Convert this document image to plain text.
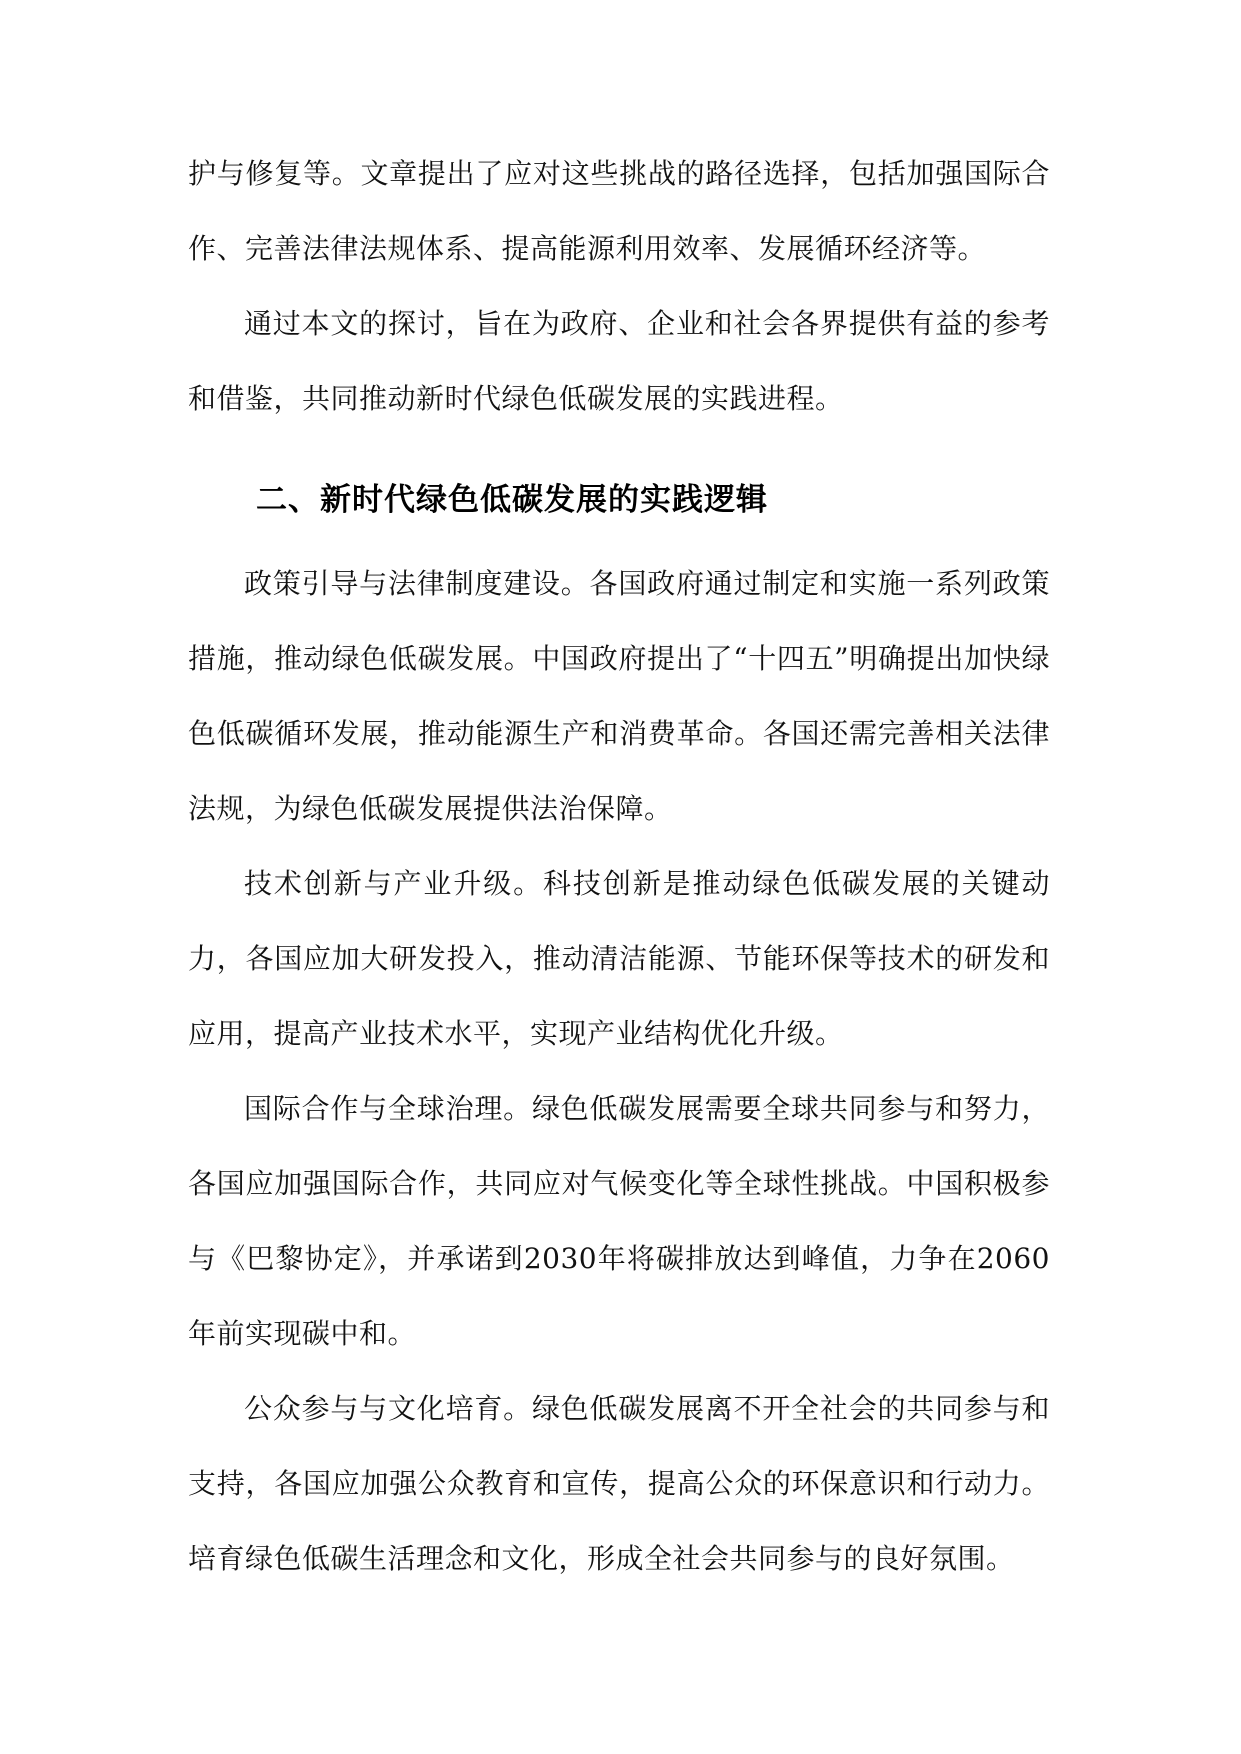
护与修复等。文章提出了应对这些挑战的路径选择，包括加强国际合作、完善法律法规体系、提高能源利用效率、发展循环经济等。

通过本文的探讨，旨在为政府、企业和社会各界提供有益的参考和借鉴，共同推动新时代绿色低碳发展的实践进程。

二、新时代绿色低碳发展的实践逻辑

政策引导与法律制度建设。各国政府通过制定和实施一系列政策措施，推动绿色低碳发展。中国政府提出了“十四五”明确提出加快绿色低碳循环发展，推动能源生产和消费革命。各国还需完善相关法律法规，为绿色低碳发展提供法治保障。

技术创新与产业升级。科技创新是推动绿色低碳发展的关键动力，各国应加大研发投入，推动清洁能源、节能环保等技术的研发和应用，提高产业技术水平，实现产业结构优化升级。

国际合作与全球治理。绿色低碳发展需要全球共同参与和努力，各国应加强国际合作，共同应对气候变化等全球性挑战。中国积极参与《巴黎协定》，并承诺到2030年将碳排放达到峰值，力争在2060年前实现碳中和。

公众参与与文化培育。绿色低碳发展离不开全社会的共同参与和支持，各国应加强公众教育和宣传，提高公众的环保意识和行动力。培育绿色低碳生活理念和文化，形成全社会共同参与的良好氛围。
